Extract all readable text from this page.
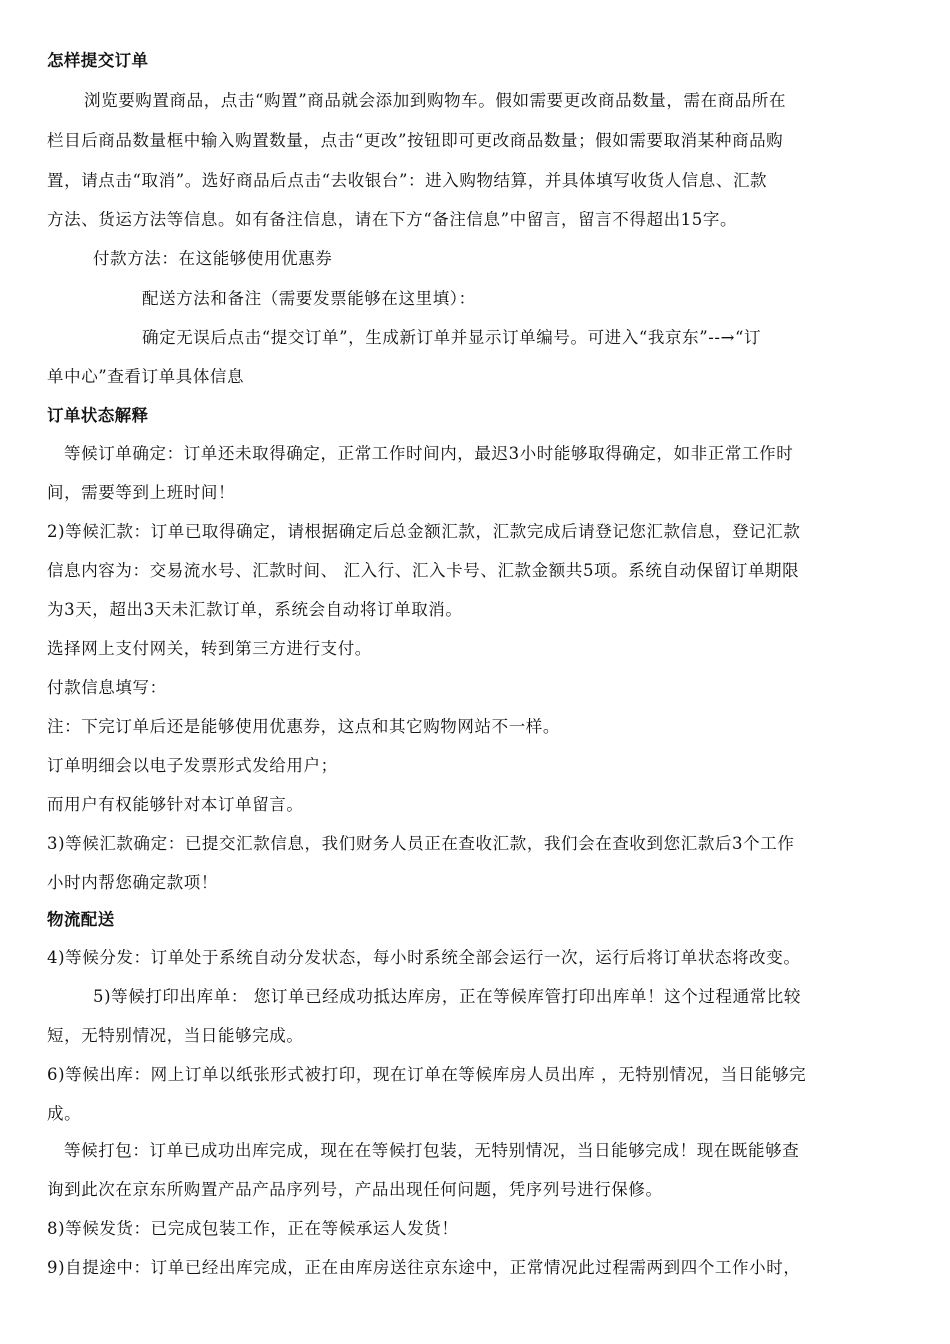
怎样提交订单
浏览要购置商品，点击“购置”商品就会添加到购物车。假如需要更改商品数量，需在商品所在
栏目后商品数量框中输入购置数量，点击“更改”按钮即可更改商品数量；假如需要取消某种商品购
置，请点击“取消”。选好商品后点击“去收银台”：进入购物结算，并具体填写收货人信息、汇款
方法、货运方法等信息。如有备注信息，请在下方“备注信息”中留言，留言不得超出15字。
付款方法：在这能够使用优惠券
配送方法和备注（需要发票能够在这里填）：
确定无误后点击“提交订单”，生成新订单并显示订单编号。可进入“我京东”--→“订
单中心”查看订单具体信息
订单状态解释
等候订单确定：订单还未取得确定，正常工作时间内，最迟3小时能够取得确定，如非正常工作时
间，需要等到上班时间！
2)等候汇款：订单已取得确定，请根据确定后总金额汇款，汇款完成后请登记您汇款信息，登记汇款
信息内容为：交易流水号、汇款时间、 汇入行、汇入卡号、汇款金额共5项。系统自动保留订单期限
为3天，超出3天未汇款订单，系统会自动将订单取消。
选择网上支付网关，转到第三方进行支付。
付款信息填写：
注：下完订单后还是能够使用优惠券，这点和其它购物网站不一样。
订单明细会以电子发票形式发给用户；
而用户有权能够针对本订单留言。
3)等候汇款确定：已提交汇款信息，我们财务人员正在查收汇款，我们会在查收到您汇款后3个工作
小时内帮您确定款项！
物流配送
4)等候分发：订单处于系统自动分发状态，每小时系统全部会运行一次，运行后将订单状态将改变。
5)等候打印出库单： 您订单已经成功抵达库房，正在等候库管打印出库单！这个过程通常比较
短，无特别情况，当日能够完成。
6)等候出库：网上订单以纸张形式被打印，现在订单在等候库房人员出库 ，无特别情况，当日能够完
成。
等候打包：订单已成功出库完成，现在在等候打包装，无特别情况，当日能够完成！现在既能够查
询到此次在京东所购置产品产品序列号，产品出现任何问题，凭序列号进行保修。
8)等候发货：已完成包装工作，正在等候承运人发货！
9)自提途中：订单已经出库完成，正在由库房送往京东途中，正常情况此过程需两到四个工作小时，
